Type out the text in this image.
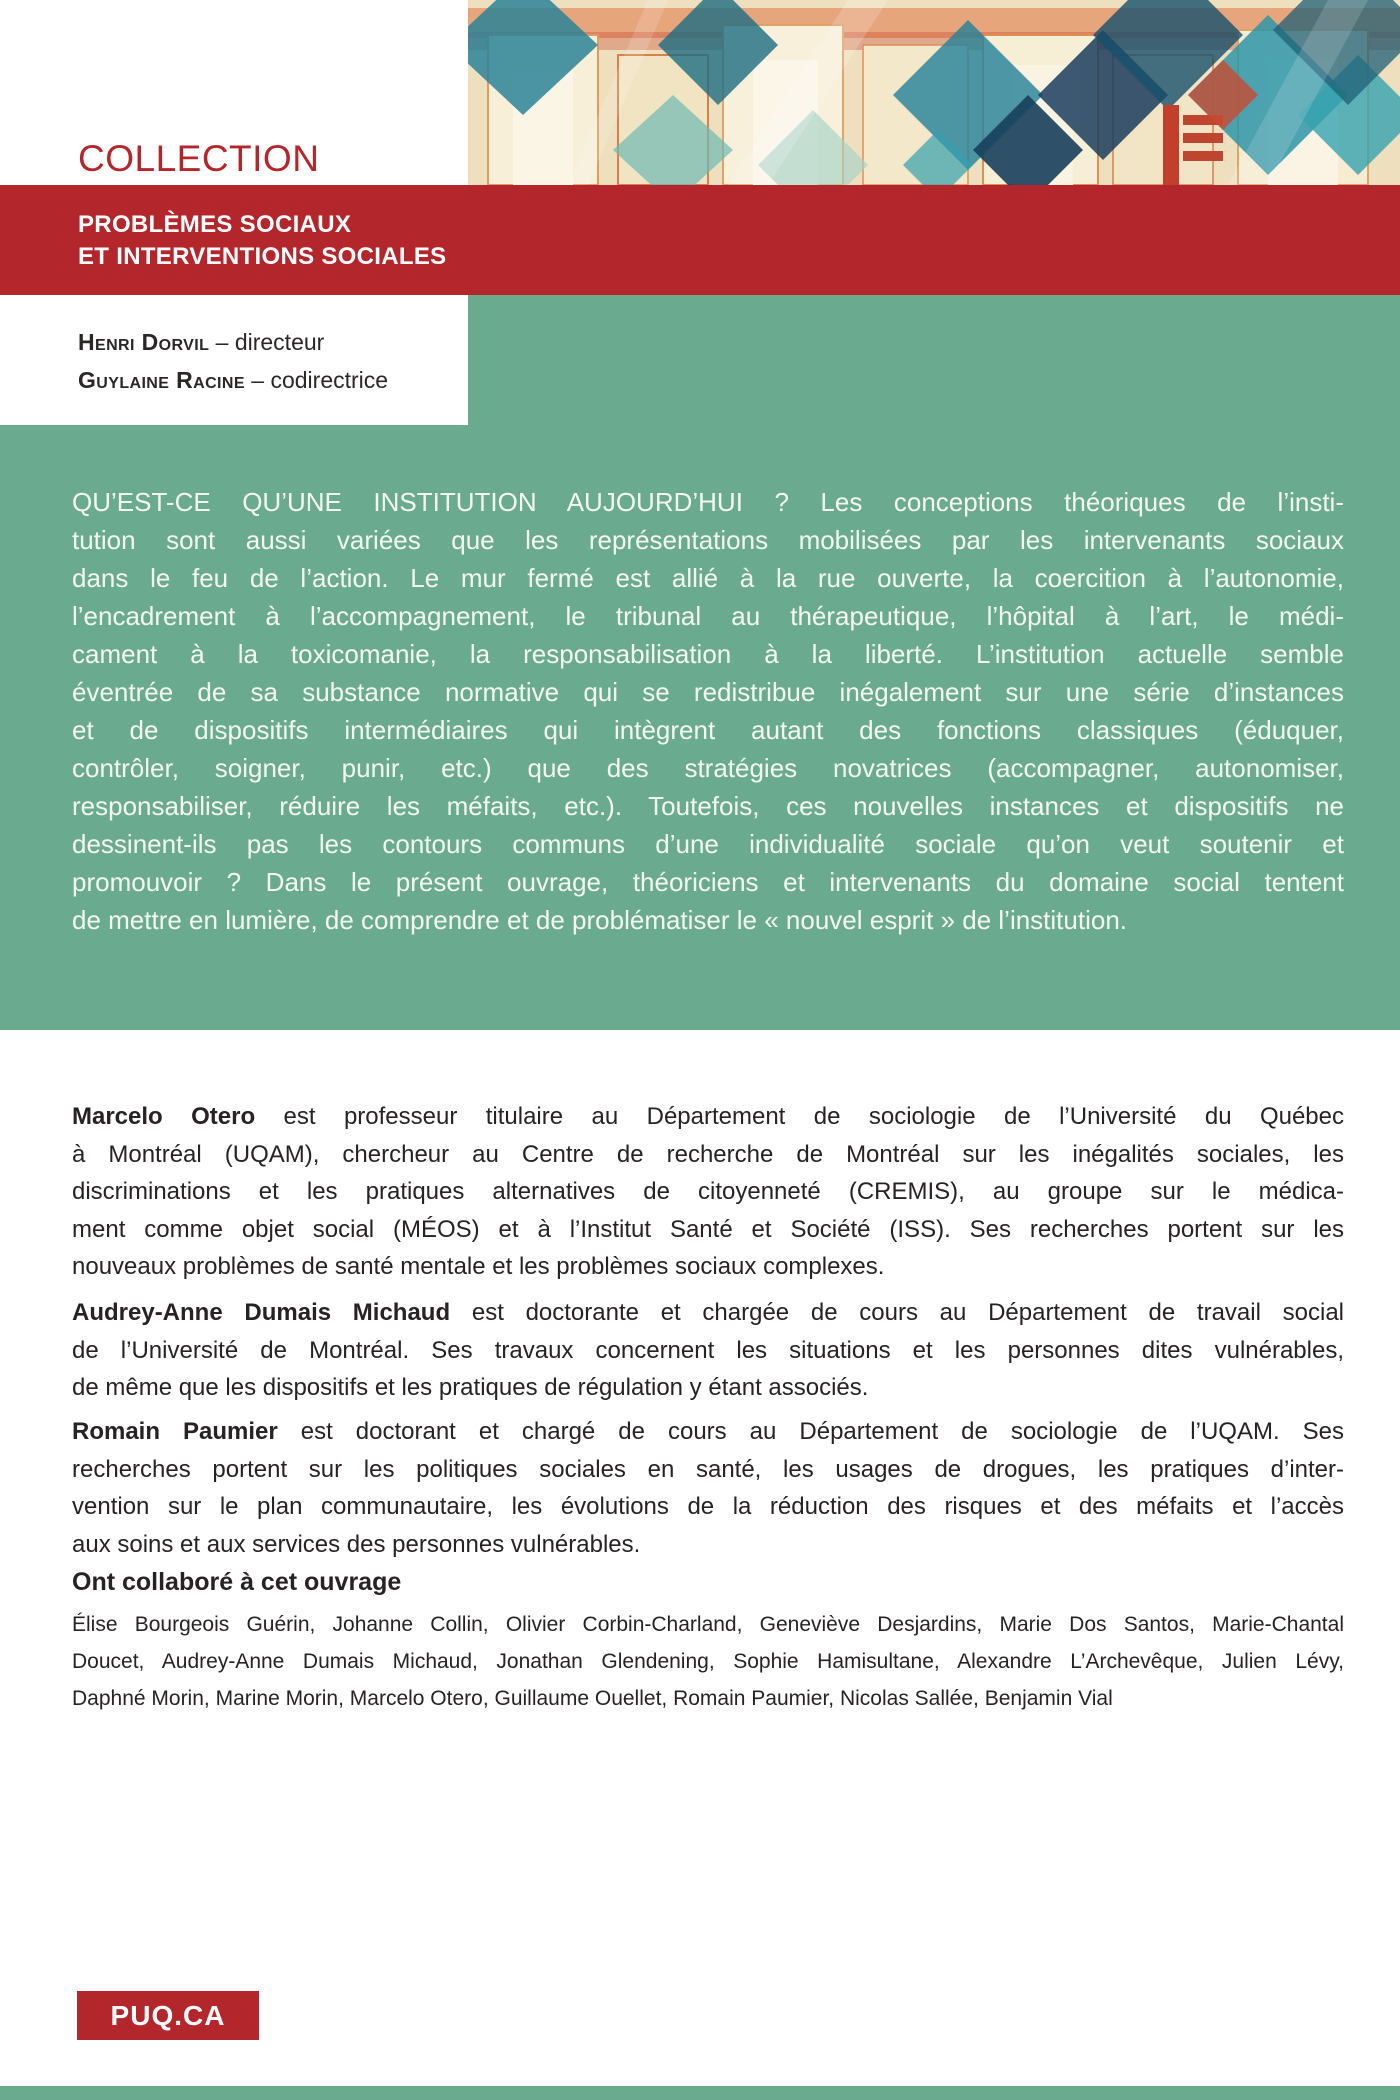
COLLECTION
PROBLÈMES SOCIAUX
ET INTERVENTIONS SOCIALES
Henri Dorvil – directeur
Guylaine Racine – codirectrice
QU’EST-CE QU’UNE INSTITUTION AUJOURD’HUI ? Les conceptions théoriques de l’insti-
tution sont aussi variées que les représentations mobilisées par les intervenants sociaux
dans le feu de l’action. Le mur fermé est allié à la rue ouverte, la coercition à l’autonomie,
l’encadrement à l’accompagnement, le tribunal au thérapeutique, l’hôpital à l’art, le médi-
cament à la toxicomanie, la responsabilisation à la liberté. L’institution actuelle semble
éventrée de sa substance normative qui se redistribue inégalement sur une série d’instances
et de dispositifs intermédiaires qui intègrent autant des fonctions classiques (éduquer,
contrôler, soigner, punir, etc.) que des stratégies novatrices (accompagner, autonomiser,
responsabiliser, réduire les méfaits, etc.). Toutefois, ces nouvelles instances et dispositifs ne
dessinent-ils pas les contours communs d’une individualité sociale qu’on veut soutenir et
promouvoir ? Dans le présent ouvrage, théoriciens et intervenants du domaine social tentent
de mettre en lumière, de comprendre et de problématiser le « nouvel esprit » de l’institution.
Marcelo Otero est professeur titulaire au Département de sociologie de l’Université du Québec
à Montréal (UQAM), chercheur au Centre de recherche de Montréal sur les inégalités sociales, les
discriminations et les pratiques alternatives de citoyenneté (CREMIS), au groupe sur le médica-
ment comme objet social (MÉOS) et à l’Institut Santé et Société (ISS). Ses recherches portent sur les
nouveaux problèmes de santé mentale et les problèmes sociaux complexes.
Audrey-Anne Dumais Michaud est doctorante et chargée de cours au Département de travail social
de l’Université de Montréal. Ses travaux concernent les situations et les personnes dites vulnérables,
de même que les dispositifs et les pratiques de régulation y étant associés.
Romain Paumier est doctorant et chargé de cours au Département de sociologie de l’UQAM. Ses
recherches portent sur les politiques sociales en santé, les usages de drogues, les pratiques d’inter-
vention sur le plan communautaire, les évolutions de la réduction des risques et des méfaits et l’accès
aux soins et aux services des personnes vulnérables.
Ont collaboré à cet ouvrage
Élise Bourgeois Guérin, Johanne Collin, Olivier Corbin-Charland, Geneviève Desjardins, Marie Dos Santos, Marie-Chantal
Doucet, Audrey-Anne Dumais Michaud, Jonathan Glendening, Sophie Hamisultane, Alexandre L’Archevêque, Julien Lévy,
Daphné Morin, Marine Morin, Marcelo Otero, Guillaume Ouellet, Romain Paumier, Nicolas Sallée, Benjamin Vial
PUQ.CA
